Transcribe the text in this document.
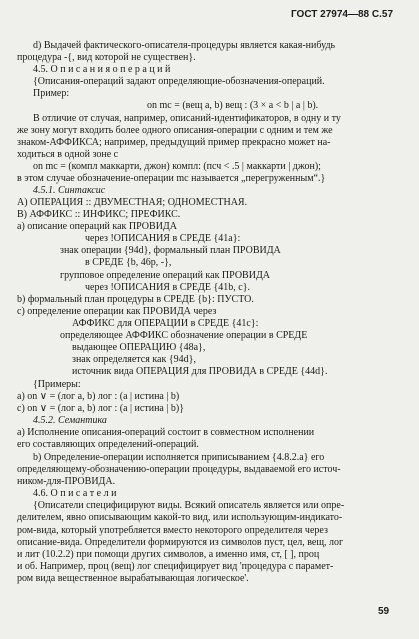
ГОСТ 27974—88 С.57
d) Выдачей фактического-описателя-процедуры является какая-нибудь
процедура -{, вид которой не существен}.
4.5. О п и с а н и я о п е р а ц и й
{Описания-операций задают определяющие-обозначения-операций.
Пример:
on mc = (вещ a, b) вещ : (3 × a < b | a | b).
В отличие от случая, например, описаний-идентификаторов, в одну и ту
же зону могут входить более одного описания-операции с одним и тем же
знаком-АФФИКСА; например, предыдущий пример прекрасно может на-
ходиться в одной зоне с
on mc = (компл маккарти, джон) компл: (псч < .5 | маккарти | джон);
в этом случае обозначение-операции mc называется „перегруженным“.}
4.5.1. Синтаксис
A) ОПЕРАЦИЯ :: ДВУМЕСТНАЯ; ОДНОМЕСТНАЯ.
B) АФФИКС :: ИНФИКС; ПРЕФИКС.
a) описание операций как ПРОВИДА
через !ОПИСАНИЯ в СРЕДЕ {41a}:
знак операции {94d}, формальный план ПРОВИДА
в СРЕДЕ {b, 46p, -},
групповое определение операций как ПРОВИДА
через !ОПИСАНИЯ в СРЕДЕ {41b, c}.
b) формальный план процедуры в СРЕДЕ {b}: ПУСТО.
c) определение операции как ПРОВИДА через
АФФИКС для ОПЕРАЦИИ в СРЕДЕ {41c}:
определяющее АФФИКС обозначение операции в СРЕДЕ
выдающее ОПЕРАЦИЮ {48a},
знак определяется как {94d},
источник вида ОПЕРАЦИЯ для ПРОВИДА в СРЕДЕ {44d}.
{Примеры:
a) on ∨ = (лог a, b) лог : (a | истина | b)
c) on ∨ = (лог a, b) лог : (a | истина | b)}
4.5.2. Семантика
a) Исполнение описания-операций состоит в совместном исполнении
его составляющих определений-операций.
b) Определение-операции исполняется приписыванием {4.8.2.a} его
определяющему-обозначению-операции процедуры, выдаваемой его источ-
ником-для-ПРОВИДА.
4.6. О п и с а т е л и
{Описатели специфицируют виды. Всякий описатель является или опре-
делителем, явно описывающим какой-то вид, или использующим-индикато-
ром-вида, который употребляется вместо некоторого определителя через
описание-вида. Определители формируются из символов пуст, цел, вещ, лог
и лит (10.2.2) при помощи других символов, а именно имя, ст, [ ], проц
и об. Например, проц (вещ) лог специфицирует вид 'процедура с парамет-
ром вида вещественное вырабатывающая логическое'.
59
